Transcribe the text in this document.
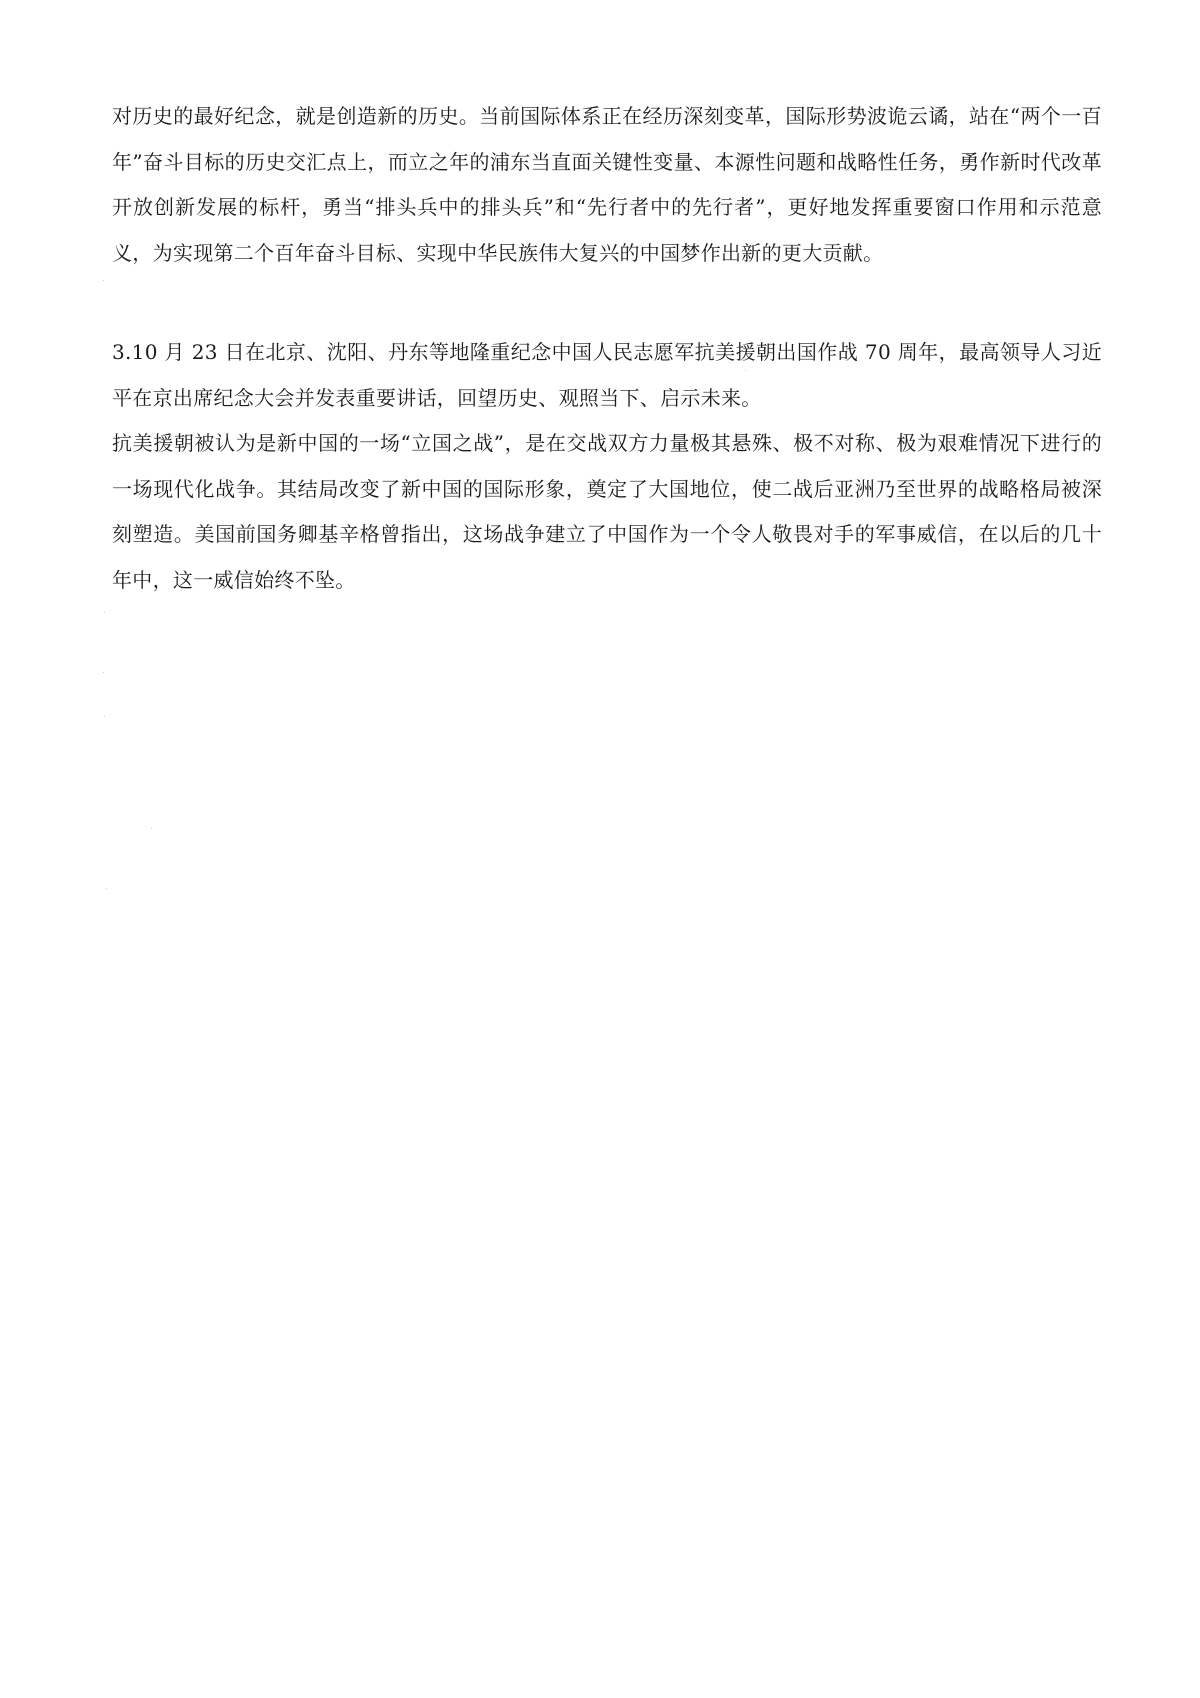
对历史的最好纪念，就是创造新的历史。当前国际体系正在经历深刻变革，国际形势波诡云谲，站在“两个一百年”奋斗目标的历史交汇点上，而立之年的浦东当直面关键性变量、本源性问题和战略性任务，勇作新时代改革开放创新发展的标杆，勇当“排头兵中的排头兵”和“先行者中的先行者”，更好地发挥重要窗口作用和示范意义，为实现第二个百年奋斗目标、实现中华民族伟大复兴的中国梦作出新的更大贡献。

3.10 月 23 日在北京、沈阳、丹东等地隆重纪念中国人民志愿军抗美援朝出国作战 70 周年，最高领导人习近平在京出席纪念大会并发表重要讲话，回望历史、观照当下、启示未来。

抗美援朝被认为是新中国的一场“立国之战”，是在交战双方力量极其悬殊、极不对称、极为艰难情况下进行的一场现代化战争。其结局改变了新中国的国际形象，奠定了大国地位，使二战后亚洲乃至世界的战略格局被深刻塑造。美国前国务卿基辛格曾指出，这场战争建立了中国作为一个令人敬畏对手的军事威信，在以后的几十年中，这一威信始终不坠。
